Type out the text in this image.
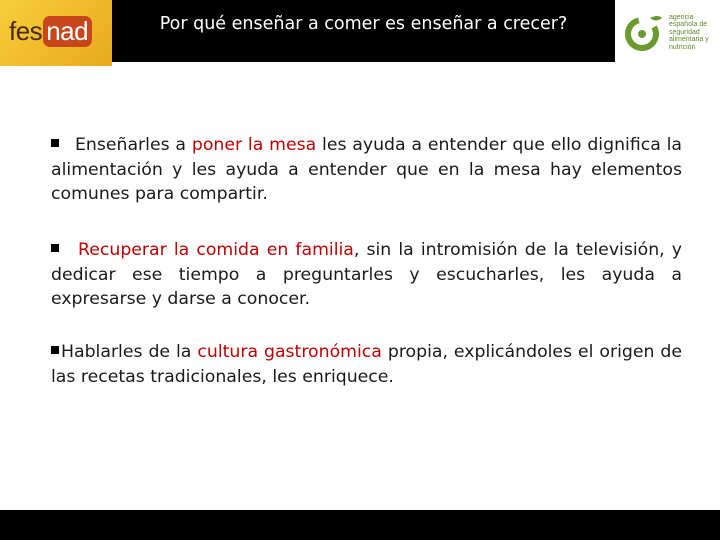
fes nad	Por qué enseñar a comer es enseñar a crecer?	agencia
española de
seguridad
alimentaria y
nutrición
Enseñarles a poner la mesa les ayuda a entender que ello dignifica la alimentación y les ayuda a entender que en la mesa hay elementos comunes para compartir.
Recuperar la comida en familia, sin la intromisión de la televisión, y dedicar ese tiempo a preguntarles y escucharles, les ayuda a expresarse y darse a conocer.
Hablarles de la cultura gastronómica propia, explicándoles el origen de las recetas tradicionales, les enriquece.
